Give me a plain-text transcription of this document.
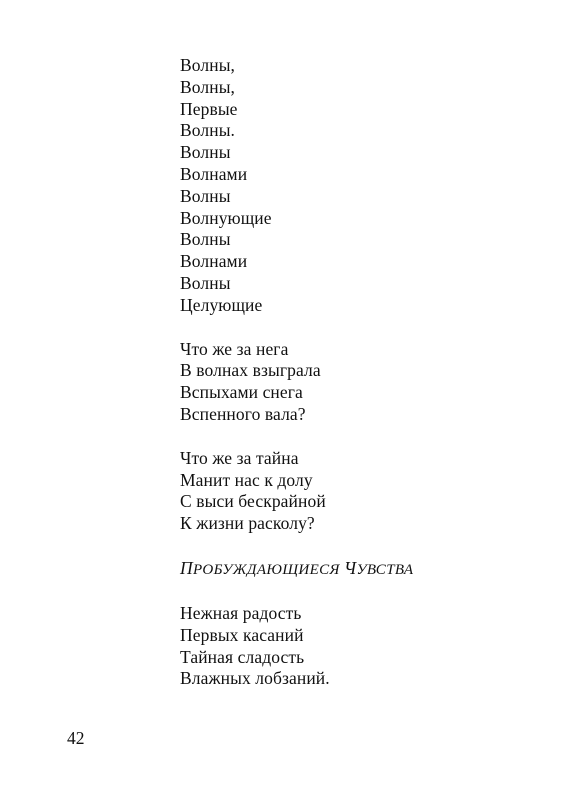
Волны,
Волны,
Первые
Волны.
Волны
Волнами
Волны
Волнующие
Волны
Волнами
Волны
Целующие
Что же за нега
В волнах взыграла
Вспыхами снега
Вспенного вала?
Что же за тайна
Манит нас к долу
С выси бескрайной
К жизни расколу?
ПРОБУЖДАЮЩИЕСЯ ЧУВСТВА
Нежная радость
Первых касаний
Тайная сладость
Влажных лобзаний.
42
